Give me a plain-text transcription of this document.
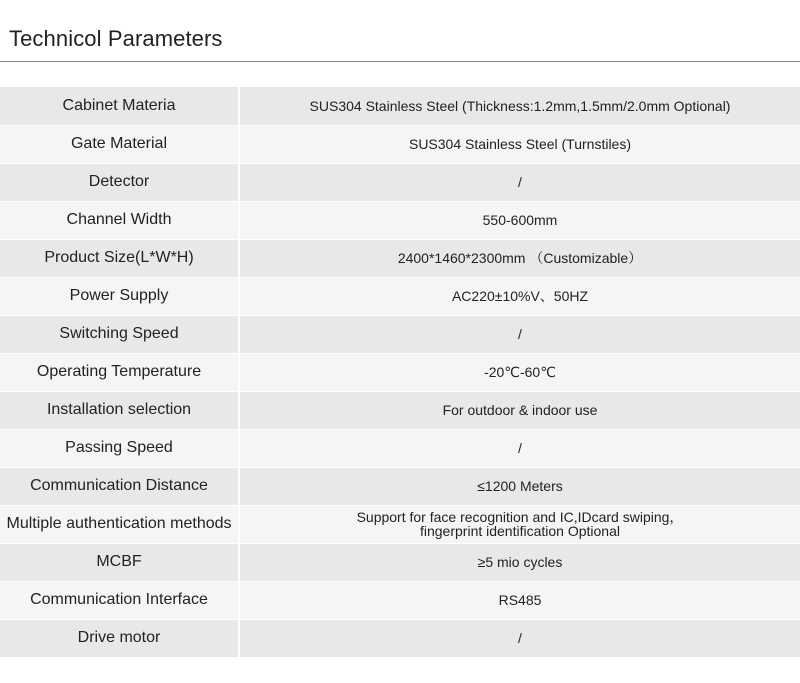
Technicol Parameters
Cabinet Materia	SUS304 Stainless Steel (Thickness:1.2mm,1.5mm/2.0mm Optional)
Gate Material	SUS304 Stainless Steel (Turnstiles)
Detector	/
Channel Width	550-600mm
Product Size(L*W*H)	2400*1460*2300mm （Customizable）
Power Supply	AC220±10%V、50HZ
Switching Speed	/
Operating Temperature	-20℃-60℃
Installation selection	For outdoor & indoor use
Passing Speed	/
Communication Distance	≤1200 Meters
Multiple authentication methods	Support for face recognition and IC,IDcard swiping，
fingerprint identification Optional

MCBF	≥5 mio cycles
Communication Interface	RS485
Drive motor	/
